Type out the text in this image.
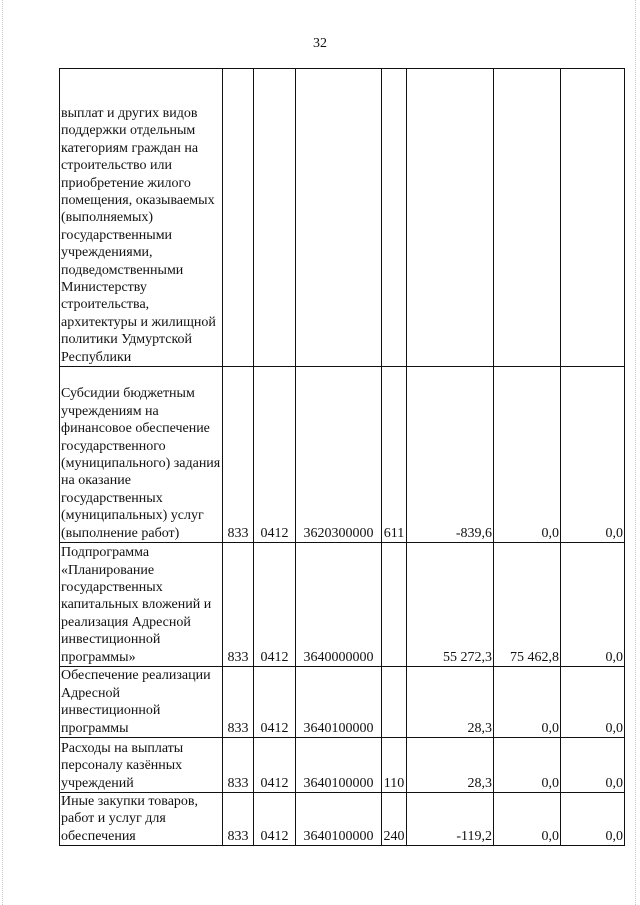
32
выплат и других видов поддержки отдельным категориям граждан на строительство или приобретение жилого помещения, оказываемых (выполняемых) государственными учреждениями, подведомственными Министерству строительства, архитектуры и жилищной политики Удмуртской Республики							

Субсидии бюджетным учреждениям на финансовое обеспечение государственного (муниципального) задания на оказание государственных (муниципальных) услуг (выполнение работ)	833	0412	3620300000	611	-839,6	0,0	0,0

Подпрограмма «Планирование государственных капитальных вложений и реализация Адресной инвестиционной программы»	833	0412	3640000000		55 272,3	75 462,8	0,0

Обеспечение реализации Адресной инвестиционной программы	833	0412	3640100000		28,3	0,0	0,0

Расходы на выплаты персоналу казённых учреждений	833	0412	3640100000	110	28,3	0,0	0,0

Иные закупки товаров, работ и услуг для обеспечения	833	0412	3640100000	240	-119,2	0,0	0,0
